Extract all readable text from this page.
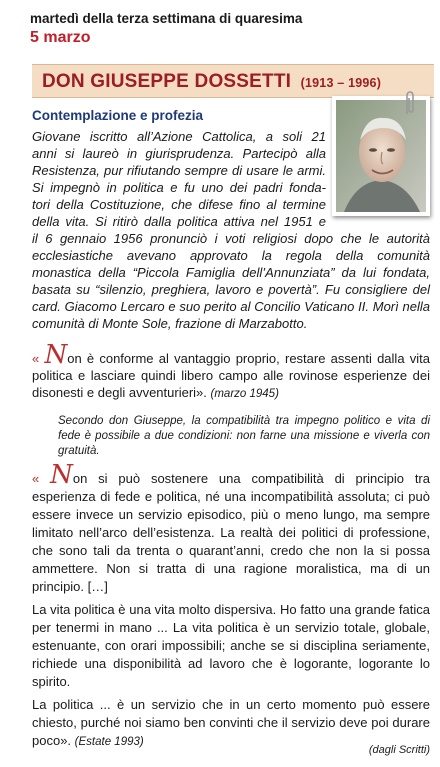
martedì della terza settimana di quaresima

5 marzo

DON GIUSEPPE DOSSETTI (1913 – 1996)

Contemplazione e profezia

Giovane iscritto all’Azione Cattolica, a soli 21
anni si laureò in giurisprudenza. Partecipò alla
Resistenza, pur rifiutando sempre di usare le armi.
Si impegnò in politica e fu uno dei padri fonda-
tori della Costituzione, che difese fino al termine
della vita. Si ritirò dalla politica attiva nel 1951 e
il 6 gennaio 1956 pronunciò i voti religiosi dopo che le autorità ecclesiastiche avevano approvato la regola della comunità monastica della “Piccola Famiglia dell’Annunziata” da lui fondata, basata su “silenzio, preghiera, lavoro e povertà”. Fu consigliere del card. Giacomo Lercaro e suo perito al Concilio Vaticano II. Morì nella comunità di Monte Sole, frazione di Marzabotto.

« Non è conforme al vantaggio proprio, restare assenti dalla vita politica e lasciare quindi libero campo alle rovinose esperienze dei disonesti e degli avventurieri». (marzo 1945)

Secondo don Giuseppe, la compatibilità tra impegno politico e vita di fede è possibile a due condizioni: non farne una missione e viverla con gratuità.

« Non si può sostenere una compatibilità di principio tra esperienza di fede e politica, né una incompatibilità assoluta; ci può essere invece un servizio episodico, più o meno lungo, ma sempre limitato nell’arco dell’esistenza. La realtà dei politici di professione, che sono tali da trenta o quarant’anni, credo che non la si possa ammettere. Non si tratta di una ragione moralistica, ma di un principio. […]

La vita politica è una vita molto dispersiva. Ho fatto una grande fatica per tenermi in mano ... La vita politica è un servizio totale, globale, estenuante, con orari impossibili; anche se si disciplina seriamente, richiede una disponibilità ad lavoro che è logorante, logorante lo spirito.

La politica ... è un servizio che in un certo momento può essere chiesto, purché noi siamo ben convinti che il servizio deve poi durare poco». (Estate 1993)

(dagli Scritti)
